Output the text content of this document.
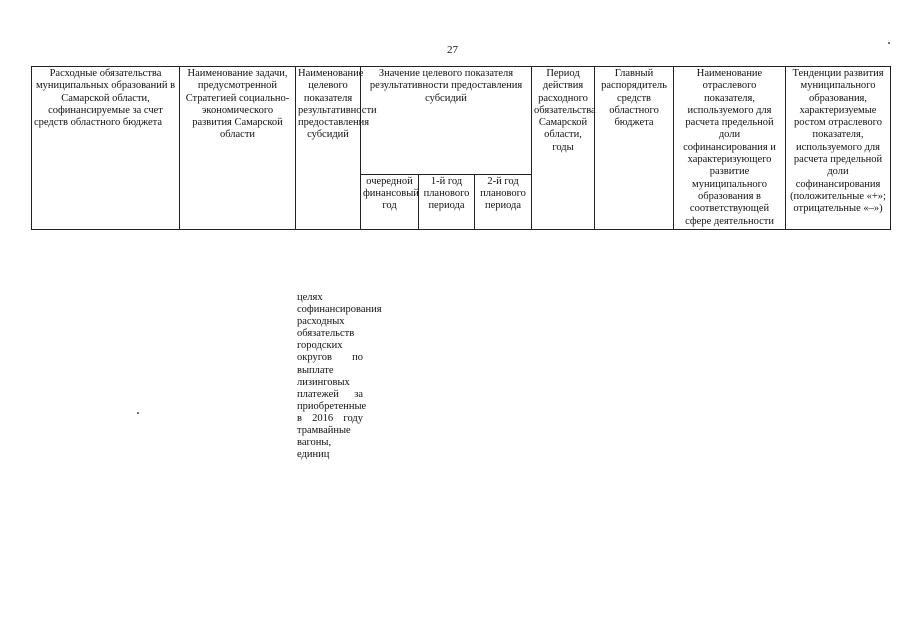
27
Расходные обязательства муниципальных образований в Самарской области, софинансируемые за счет средств областного бюджета	Наименование задачи, предусмотренной Стратегией социально-экономического развития Самарской области	Наименование целевого показателя результативности предоставления субсидий	Значение целевого показателя результативности предоставления субсидий			Период действия расходного обязательства Самарской области, годы	Главный распорядитель средств областного бюджета	Наименование отраслевого показателя, используемого для расчета предельной доли софинансирования и характеризующего развитие муниципального образования в соответствующей сфере деятельности	Тенденции развития муниципального образования, характеризуемые ростом отраслевого показателя, используемого для расчета предельной доли софинансирования (положительные «+»; отрицательные «–»)
			очередной финансовый год	1-й год планового периода	2-й год планового периода				
целях софинансирования расходных обязательств городских округов по выплате лизинговых платежей за приобретенные в 2016 году трамвайные вагоны, единиц
